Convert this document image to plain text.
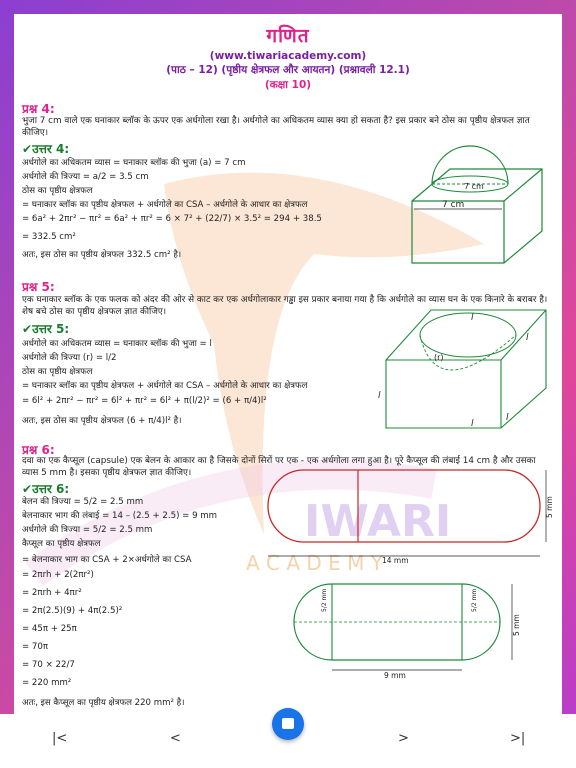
IWARI
A C A D E M Y
गणित
(www.tiwariacademy.com)
(पाठ – 12) (पृष्ठीय क्षेत्रफल और आयतन) (प्रश्नावली 12.1)
(कक्षा 10)
प्रश्न 4:
भुजा 7 cm वाले एक घनाकार ब्लॉक के ऊपर एक अर्धगोला रखा है। अर्धगोले का अधिकतम व्यास क्या हो सकता है? इस प्रकार बने ठोस का पृष्ठीय क्षेत्रफल ज्ञात कीजिए।
✔उत्तर 4:
अर्धगोले का अधिकतम व्यास = घनाकार ब्लॉक की भुजा (a) = 7 cm
अर्धगोले की त्रिज्या = a/2 = 3.5 cm
ठोस का पृष्ठीय क्षेत्रफल
= घनाकार ब्लॉक का पृष्ठीय क्षेत्रफल + अर्धगोले का CSA – अर्धगोले के आधार का क्षेत्रफल
= 6a² + 2πr² − πr² = 6a² + πr² = 6 × 7² + (22/7) × 3.5² = 294 + 38.5
= 332.5 cm²
अतः, इस ठोस का पृष्ठीय क्षेत्रफल 332.5 cm² है।
7 cm
7 cm
प्रश्न 5:
एक घनाकार ब्लॉक के एक फलक को अंदर की ओर से काट कर एक अर्धगोलाकार गड्ढा इस प्रकार बनाया गया है कि अर्धगोले का व्यास घन के एक किनारे के बराबर है। शेष बचे ठोस का पृष्ठीय क्षेत्रफल ज्ञात कीजिए।
✔उत्तर 5:
अर्धगोले का अधिकतम व्यास = घनाकार ब्लॉक की भुजा = l
अर्धगोले की त्रिज्या (r) = l/2
ठोस का पृष्ठीय क्षेत्रफल
= घनाकार ब्लॉक का पृष्ठीय क्षेत्रफल + अर्धगोले का CSA – अर्धगोले के आधार का क्षेत्रफल
= 6l² + 2πr² − πr² = 6l² + πr² = 6l² + π(l/2)² = (6 + π/4)l²
अतः, इस ठोस का पृष्ठीय क्षेत्रफल (6 + π/4)l² है।
l
l
l
l
l
(r)
प्रश्न 6:
दवा का एक कैप्सूल (capsule) एक बेलन के आकार का है जिसके दोनों सिरों पर एक - एक अर्धगोला लगा हुआ है। पूरे कैप्सूल की लंबाई 14 cm है और उसका व्यास 5 mm है। इसका पृष्ठीय क्षेत्रफल ज्ञात कीजिए।
✔उत्तर 6:
बेलन की त्रिज्या = 5/2 = 2.5 mm
बेलनाकार भाग की लंबाई = 14 – (2.5 + 2.5) = 9 mm
अर्धगोले की त्रिज्या = 5/2 = 2.5 mm
कैप्सूल का पृष्ठीय क्षेत्रफल
= बेलनाकार भाग का CSA + 2×अर्धगोले का CSA
= 2πrh + 2(2πr²)
= 2πrh + 4πr²
= 2π(2.5)(9) + 4π(2.5)²
= 45π + 25π
= 70π
= 70 × 22/7
= 220 mm²
अतः, इस कैप्सूल का पृष्ठीय क्षेत्रफल 220 mm² है।
14 mm
5 mm
5/2 mm	5/2 mm
9 mm
5 mm
|<	<	>	>|
